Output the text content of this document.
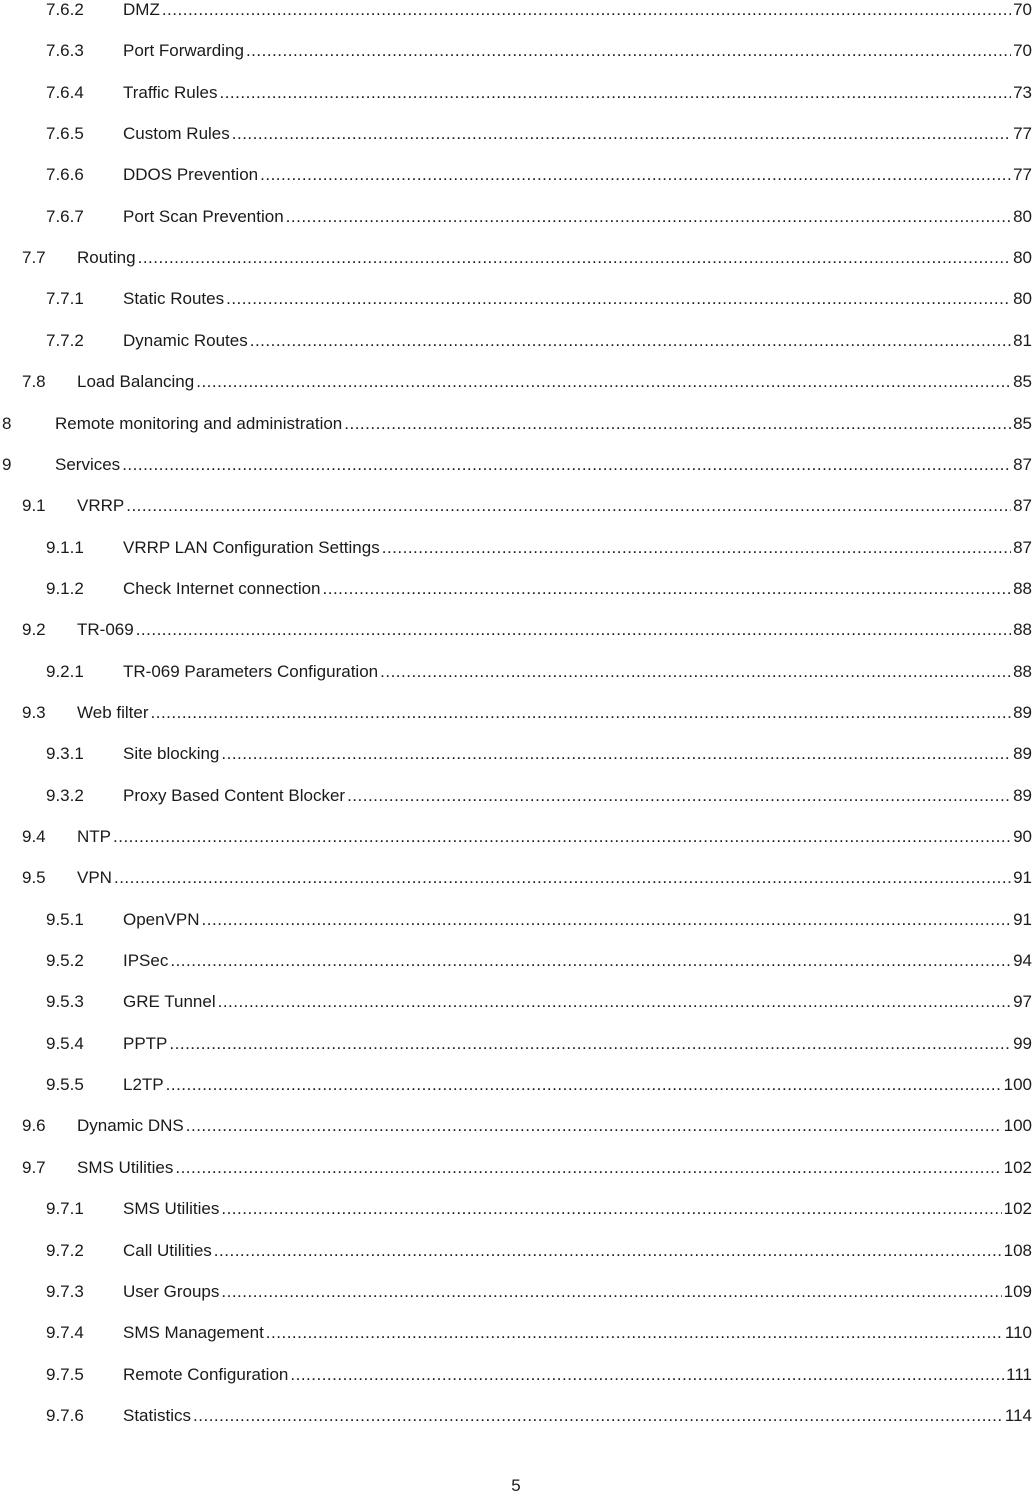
7.6.2	DMZ .....	70
7.6.3	Port Forwarding .....	70
7.6.4	Traffic Rules .....	73
7.6.5	Custom Rules .....	77
7.6.6	DDOS Prevention .....	77
7.6.7	Port Scan Prevention .....	80
7.7	Routing .....	80
7.7.1	Static Routes .....	80
7.7.2	Dynamic Routes .....	81
7.8	Load Balancing .....	85
8	Remote monitoring and administration .....	85
9	Services .....	87
9.1	VRRP .....	87
9.1.1	VRRP LAN Configuration Settings .....	87
9.1.2	Check Internet connection .....	88
9.2	TR-069 .....	88
9.2.1	TR-069 Parameters Configuration .....	88
9.3	Web filter .....	89
9.3.1	Site blocking .....	89
9.3.2	Proxy Based Content Blocker .....	89
9.4	NTP .....	90
9.5	VPN .....	91
9.5.1	OpenVPN .....	91
9.5.2	IPSec .....	94
9.5.3	GRE Tunnel .....	97
9.5.4	PPTP .....	99
9.5.5	L2TP .....	100
9.6	Dynamic DNS .....	100
9.7	SMS Utilities .....	102
9.7.1	SMS Utilities .....	102
9.7.2	Call Utilities .....	108
9.7.3	User Groups .....	109
9.7.4	SMS Management .....	110
9.7.5	Remote Configuration .....	111
9.7.6	Statistics .....	114
5
